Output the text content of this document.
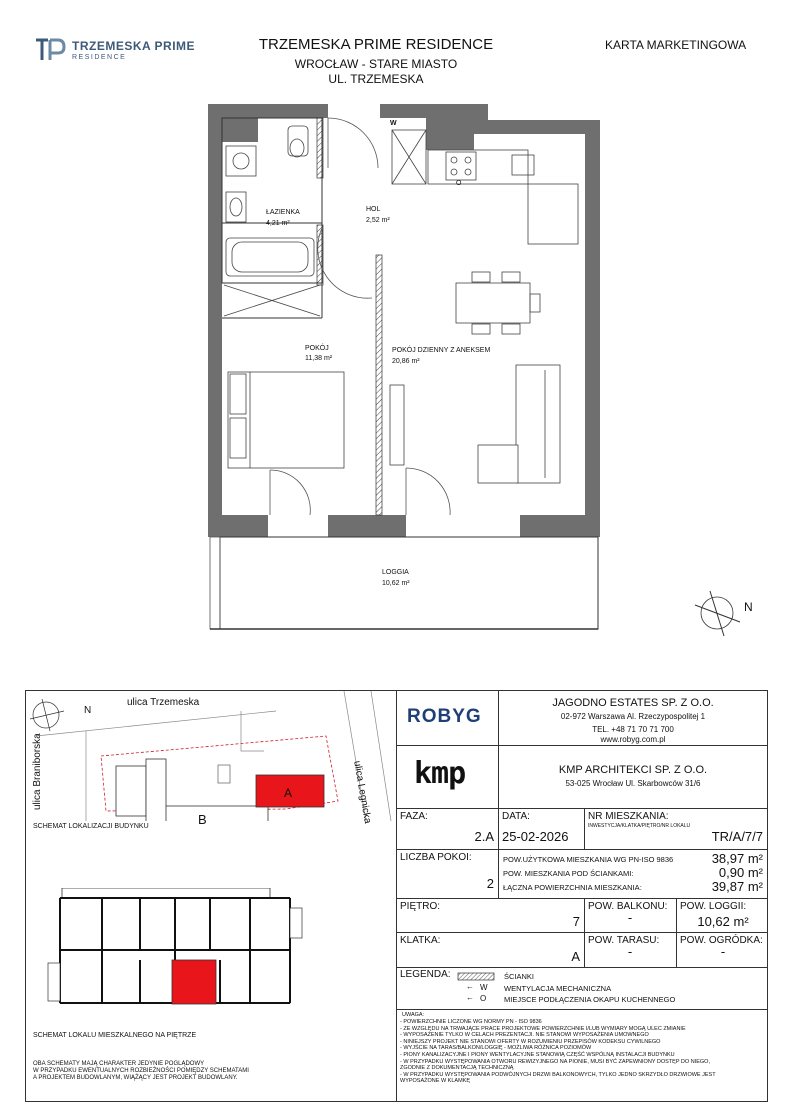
TRZEMESKA PRIME
RESIDENCE
TRZEMESKA PRIME RESIDENCE
WROCŁAW - STARE MIASTO
UL. TRZEMESKA
KARTA MARKETINGOWA
N
W
O
ŁAZIENKA
4,21 m²
HOL
2,52 m²
POKÓJ
11,38 m²
POKÓJ DZIENNY Z ANEKSEM
20,86 m²
LOGGIA
10,62 m²
ulica Trzemeska
ulica Braniborska	ulica Legnicka
N
A
B
SCHEMAT LOKALIZACJI BUDYNKU
SCHEMAT LOKALU MIESZKALNEGO NA PIĘTRZE
OBA SCHEMATY MAJĄ CHARAKTER JEDYNIE POGLĄDOWY
W PRZYPADKU EWENTUALNYCH ROZBIEŻNOŚCI POMIĘDZY SCHEMATAMI
A PROJEKTEM BUDOWLANYM, WIĄŻĄCY JEST PROJEKT BUDOWLANY.
ROBYG
JAGODNO ESTATES SP. Z O.O.
02-972 Warszawa Al. Rzeczypospolitej 1
TEL. +48 71 70 71 700
www.robyg.com.pl
kmp	KMP ARCHITEKCI SP. Z O.O.
53-025 Wrocław Ul. Skarbowców 31/6
FAZA:
2.A
DATA:
25-02-2026
NR MIESZKANIA:
INWESTYCJA/KLATKA/PIĘTRO/NR LOKALU
TR/A/7/7
LICZBA POKOI:
2
POW.UŻYTKOWA MIESZKANIA WG PN-ISO 9836	38,97 m²
POW. MIESZKANIA POD ŚCIANKAMI:	0,90 m²
ŁĄCZNA POWIERZCHNIA MIESZKANIA:	39,87 m²
PIĘTRO:
7
POW. BALKONU:
-
POW. LOGGII:
10,62 m²
KLATKA:
A
POW. TARASU:
-
POW. OGRÓDKA:
-
LEGENDA:	ŚCIANKI
← W WENTYLACJA MECHANICZNA
← O MIEJSCE PODŁĄCZENIA OKAPU KUCHENNEGO
UWAGA:
- POWIERZCHNIE LICZONE WG NORMY PN - ISO 9836
- ZE WZGLĘDU NA TRWAJĄCE PRACE PROJEKTOWE POWIERZCHNIE I/LUB WYMIARY MOGĄ ULEC ZMIANIE
- WYPOSAŻENIE TYLKO W CELACH PREZENTACJI. NIE STANOWI WYPOSAŻENIA UMOWNEGO
- NINIEJSZY PROJEKT NIE STANOWI OFERTY W ROZUMIENIU PRZEPISÓW KODEKSU CYWILNEGO
- WYJŚCIE NA TARAS/BALKON/LOGGIĘ - MOŻLIWA RÓŻNICA POZIOMÓW
- PIONY KANALIZACYJNE I PIONY WENTYLACYJNE STANOWIĄ CZĘŚĆ WSPÓLNĄ INSTALACJI BUDYNKU
- W PRZYPADKU WYSTĘPOWANIA OTWORU REWIZYJNEGO NA PIONIE, MUSI BYĆ ZAPEWNIONY DOSTĘP DO NIEGO,
ZGODNIE Z DOKUMENTACJĄ TECHNICZNĄ
- W PRZYPADKU WYSTĘPOWANIA PODWÓJNYCH DRZWI BALKONOWYCH, TYLKO JEDNO SKRZYDŁO DRZWIOWE JEST
WYPOSAŻONE W KLAMKĘ
